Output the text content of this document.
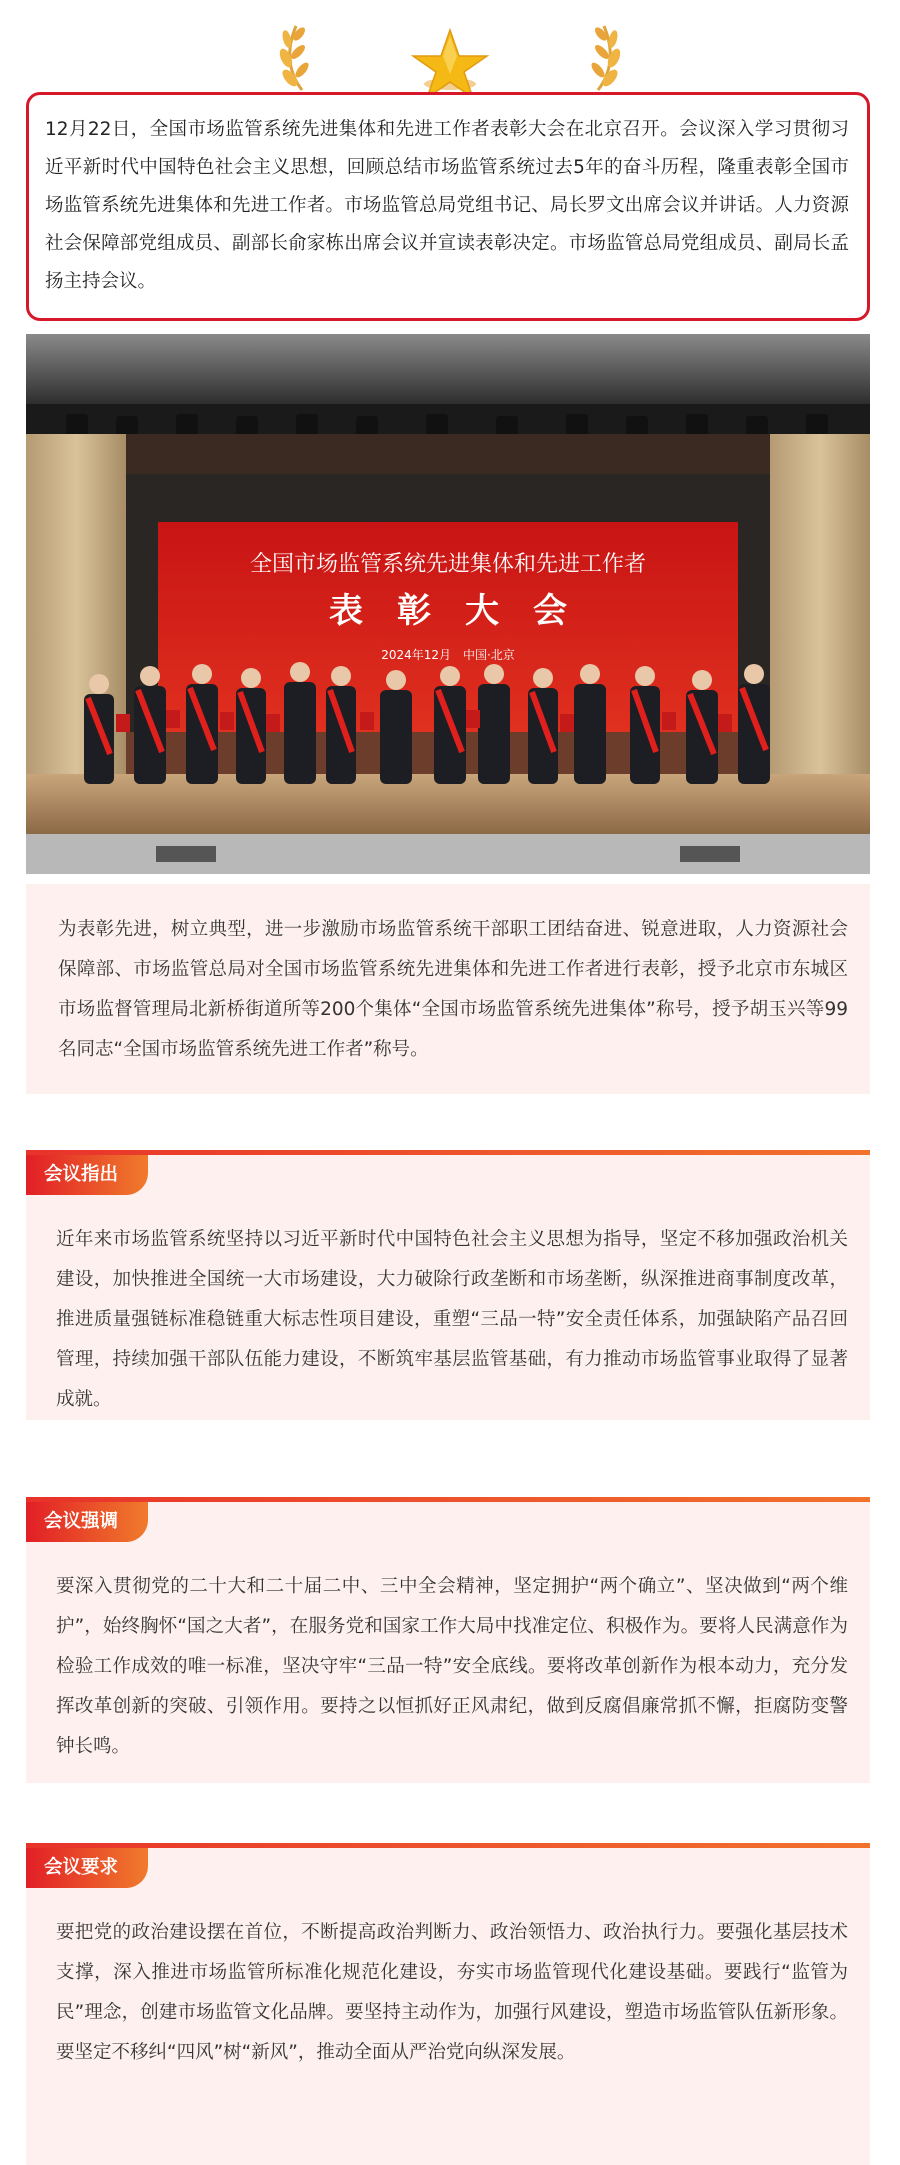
12月22日，全国市场监管系统先进集体和先进工作者表彰大会在北京召开。会议深入学习贯彻习近平新时代中国特色社会主义思想，回顾总结市场监管系统过去5年的奋斗历程，隆重表彰全国市场监管系统先进集体和先进工作者。市场监管总局党组书记、局长罗文出席会议并讲话。人力资源社会保障部党组成员、副部长俞家栋出席会议并宣读表彰决定。市场监管总局党组成员、副局长孟扬主持会议。
全国市场监管系统先进集体和先进工作者
表　彰　大　会
2024年12月　中国·北京
为表彰先进，树立典型，进一步激励市场监管系统干部职工团结奋进、锐意进取，人力资源社会保障部、市场监管总局对全国市场监管系统先进集体和先进工作者进行表彰，授予北京市东城区市场监督管理局北新桥街道所等200个集体“全国市场监管系统先进集体”称号，授予胡玉兴等99名同志“全国市场监管系统先进工作者”称号。
会议指出
近年来市场监管系统坚持以习近平新时代中国特色社会主义思想为指导，坚定不移加强政治机关建设，加快推进全国统一大市场建设，大力破除行政垄断和市场垄断，纵深推进商事制度改革，推进质量强链标准稳链重大标志性项目建设，重塑“三品一特”安全责任体系，加强缺陷产品召回管理，持续加强干部队伍能力建设，不断筑牢基层监管基础，有力推动市场监管事业取得了显著成就。
会议强调
要深入贯彻党的二十大和二十届二中、三中全会精神，坚定拥护“两个确立”、坚决做到“两个维护”，始终胸怀“国之大者”，在服务党和国家工作大局中找准定位、积极作为。要将人民满意作为检验工作成效的唯一标准，坚决守牢“三品一特”安全底线。要将改革创新作为根本动力，充分发挥改革创新的突破、引领作用。要持之以恒抓好正风肃纪，做到反腐倡廉常抓不懈，拒腐防变警钟长鸣。
会议要求
要把党的政治建设摆在首位，不断提高政治判断力、政治领悟力、政治执行力。要强化基层技术支撑，深入推进市场监管所标准化规范化建设，夯实市场监管现代化建设基础。要践行“监管为民”理念，创建市场监管文化品牌。要坚持主动作为，加强行风建设，塑造市场监管队伍新形象。要坚定不移纠“四风”树“新风”，推动全面从严治党向纵深发展。
